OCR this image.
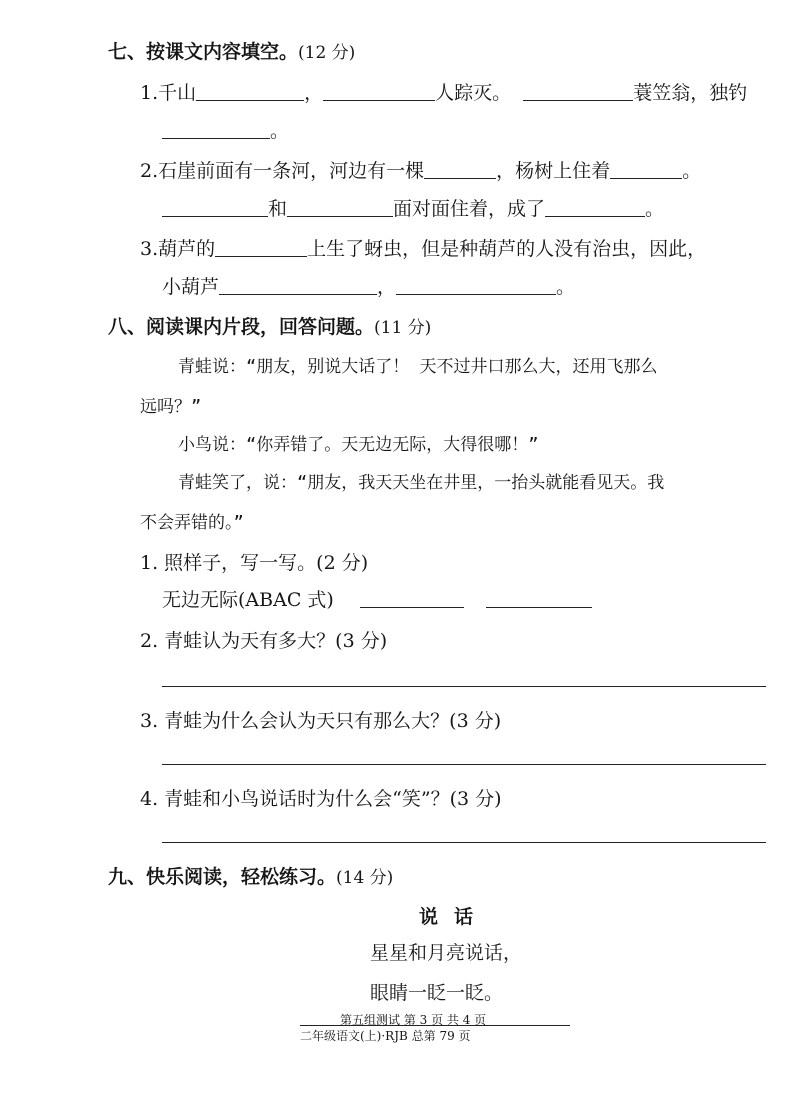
七、按课文内容填空。(12 分)
1.千山	，	人踪灭。	蓑笠翁，独钓
。
2.石崖前面有一条河，河边有一棵	，杨树上住着	。
和	面对面住着，成了	。
3.葫芦的	上生了蚜虫，但是种葫芦的人没有治虫，因此，
小葫芦	，	。
八、阅读课内片段，回答问题。(11 分)
青蛙说：“朋友，别说大话了！ 天不过井口那么大，还用飞那么
远吗？”
小鸟说：“你弄错了。天无边无际，大得很哪！”
青蛙笑了，说：“朋友，我天天坐在井里，一抬头就能看见天。我
不会弄错的。”
1. 照样子，写一写。(2 分)
无边无际(ABAC 式)
2. 青蛙认为天有多大？(3 分)
3. 青蛙为什么会认为天只有那么大？(3 分)
4. 青蛙和小鸟说话时为什么会“笑”？(3 分)
九、快乐阅读，轻松练习。(14 分)
说话
星星和月亮说话，
眼睛一眨一眨。
第五组测试 第 3 页 共 4 页
二年级语文(上)·RJB 总第 79 页
